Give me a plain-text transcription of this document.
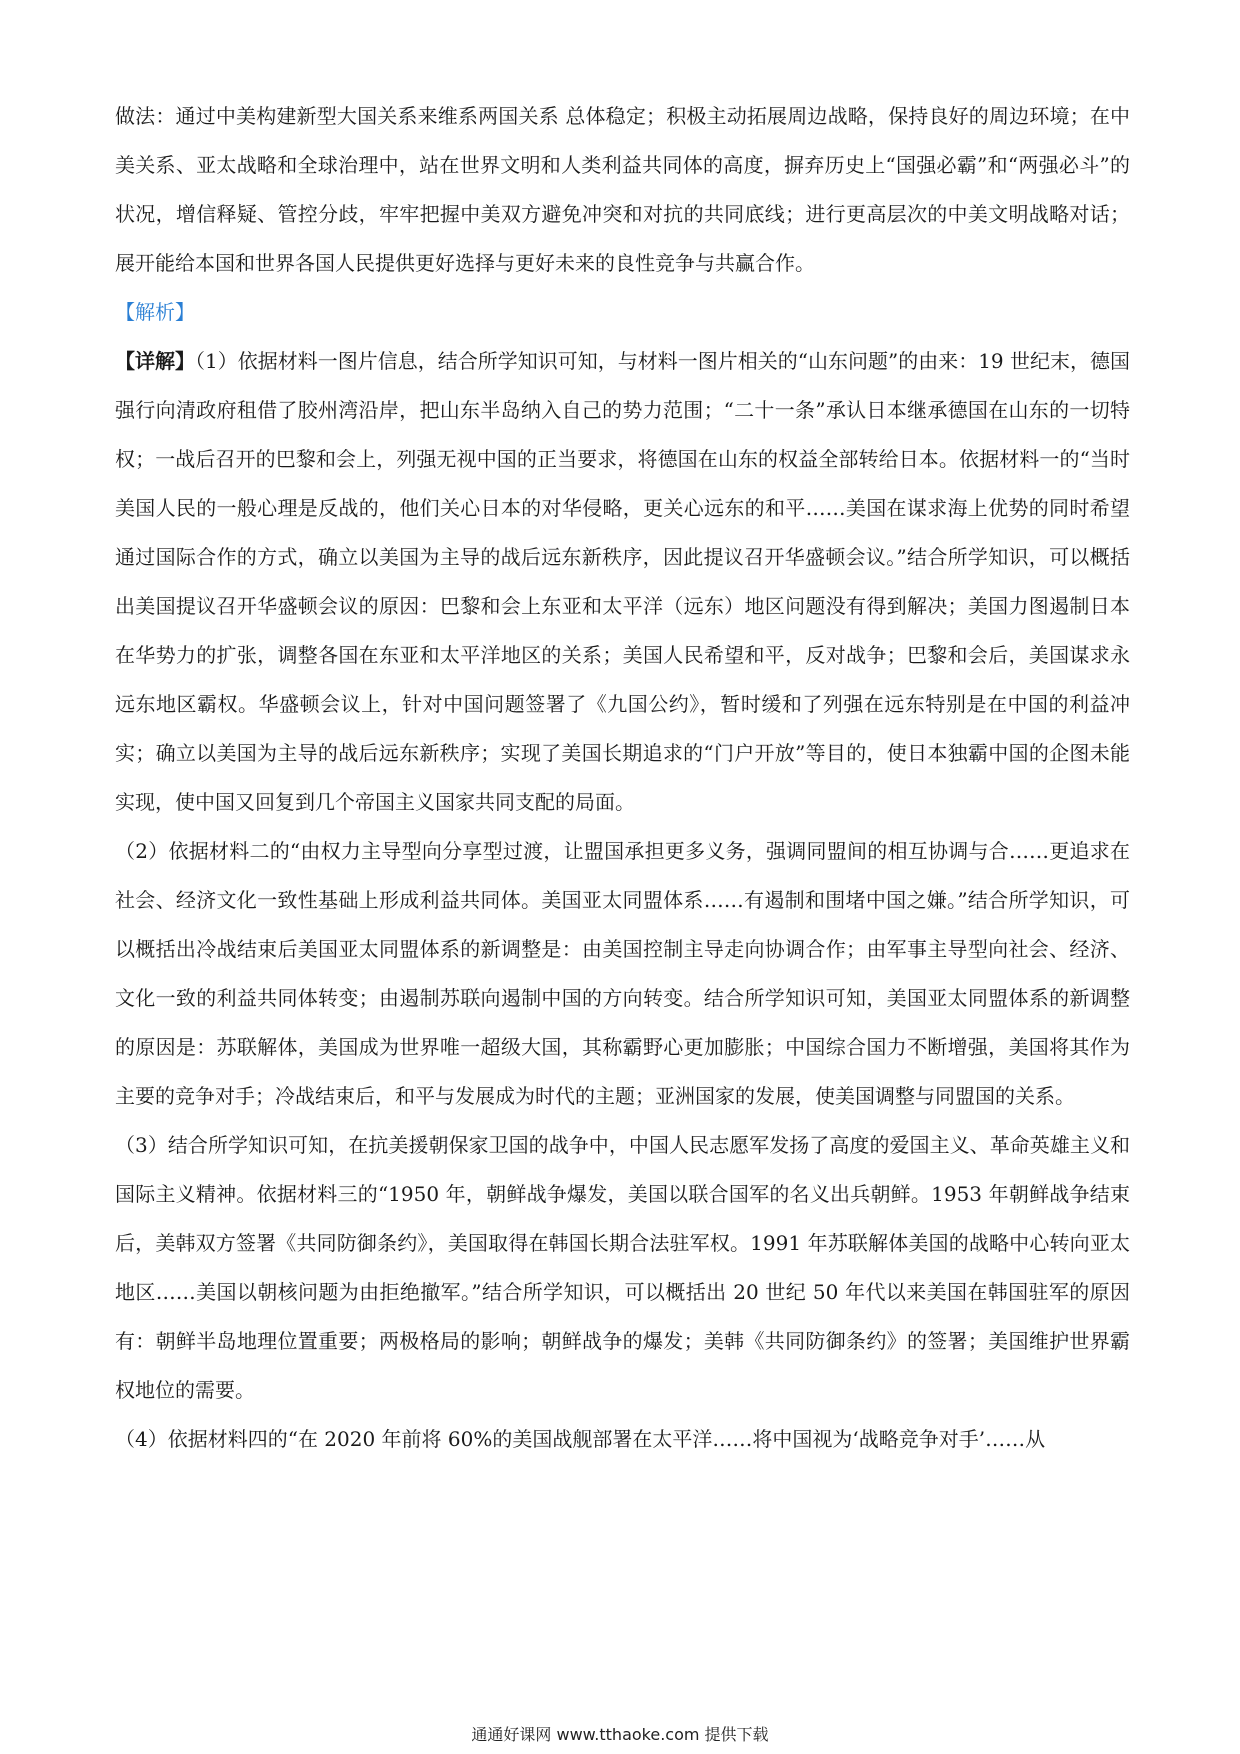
做法：通过中美构建新型大国关系来维系两国关系 总体稳定；积极主动拓展周边战略，保持良好的周边环境；在中美关系、亚太战略和全球治理中，站在世界文明和人类利益共同体的高度，摒弃历史上“国强必霸”和“两强必斗”的状况，增信释疑、管控分歧，牢牢把握中美双方避免冲突和对抗的共同底线；进行更高层次的中美文明战略对话；展开能给本国和世界各国人民提供更好选择与更好未来的良性竞争与共赢合作。

【解析】

【详解】（1）依据材料一图片信息，结合所学知识可知，与材料一图片相关的“山东问题”的由来：19 世纪末，德国强行向清政府租借了胶州湾沿岸，把山东半岛纳入自己的势力范围；“二十一条”承认日本继承德国在山东的一切特权；一战后召开的巴黎和会上，列强无视中国的正当要求，将德国在山东的权益全部转给日本。依据材料一的“当时美国人民的一般心理是反战的，他们关心日本的对华侵略，更关心远东的和平……美国在谋求海上优势的同时希望通过国际合作的方式，确立以美国为主导的战后远东新秩序，因此提议召开华盛顿会议。”结合所学知识，可以概括出美国提议召开华盛顿会议的原因：巴黎和会上东亚和太平洋（远东）地区问题没有得到解决；美国力图遏制日本在华势力的扩张，调整各国在东亚和太平洋地区的关系；美国人民希望和平，反对战争；巴黎和会后，美国谋求永远东地区霸权。华盛顿会议上，针对中国问题签署了《九国公约》，暂时缓和了列强在远东特别是在中国的利益冲实；确立以美国为主导的战后远东新秩序；实现了美国长期追求的“门户开放”等目的，使日本独霸中国的企图未能实现，使中国又回复到几个帝国主义国家共同支配的局面。

（2）依据材料二的“由权力主导型向分享型过渡，让盟国承担更多义务，强调同盟间的相互协调与合……更追求在社会、经济文化一致性基础上形成利益共同体。美国亚太同盟体系……有遏制和围堵中国之嫌。”结合所学知识，可以概括出冷战结束后美国亚太同盟体系的新调整是：由美国控制主导走向协调合作；由军事主导型向社会、经济、文化一致的利益共同体转变；由遏制苏联向遏制中国的方向转变。结合所学知识可知，美国亚太同盟体系的新调整的原因是：苏联解体，美国成为世界唯一超级大国，其称霸野心更加膨胀；中国综合国力不断增强，美国将其作为主要的竞争对手；冷战结束后，和平与发展成为时代的主题；亚洲国家的发展，使美国调整与同盟国的关系。

（3）结合所学知识可知，在抗美援朝保家卫国的战争中，中国人民志愿军发扬了高度的爱国主义、革命英雄主义和国际主义精神。依据材料三的“1950 年，朝鲜战争爆发，美国以联合国军的名义出兵朝鲜。1953 年朝鲜战争结束后，美韩双方签署《共同防御条约》，美国取得在韩国长期合法驻军权。1991 年苏联解体美国的战略中心转向亚太地区……美国以朝核问题为由拒绝撤军。”结合所学知识，可以概括出 20 世纪 50 年代以来美国在韩国驻军的原因有：朝鲜半岛地理位置重要；两极格局的影响；朝鲜战争的爆发；美韩《共同防御条约》的签署；美国维护世界霸权地位的需要。

（4）依据材料四的“在 2020 年前将 60%的美国战舰部署在太平洋……将中国视为‘战略竞争对手’……从

通通好课网 www.tthaoke.com 提供下载
